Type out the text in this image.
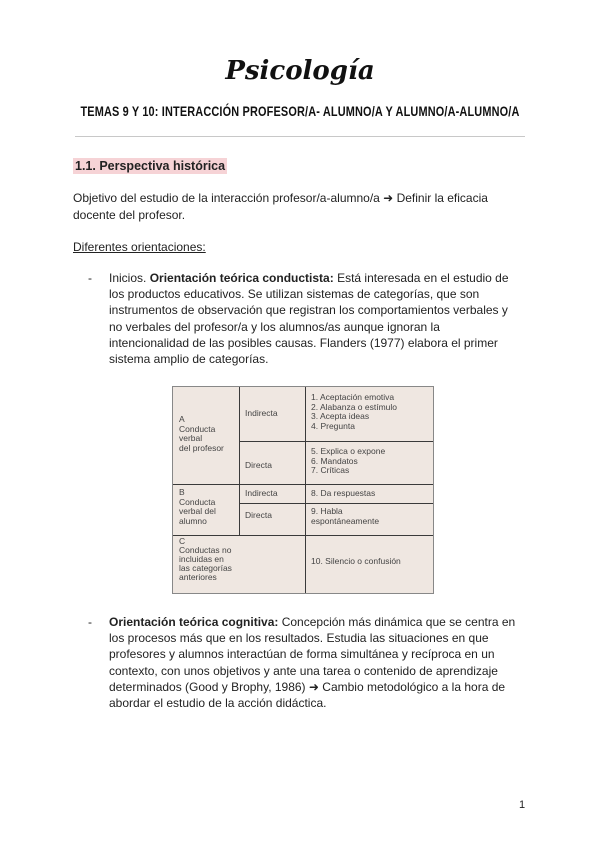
Psicología
TEMAS 9 Y 10: INTERACCIÓN PROFESOR/A- ALUMNO/A Y ALUMNO/A-ALUMNO/A
1.1. Perspectiva histórica
Objetivo del estudio de la interacción profesor/a-alumno/a ➜ Definir la eficacia docente del profesor.
Diferentes orientaciones:
- Inicios. Orientación teórica conductista: Está interesada en el estudio de los productos educativos. Se utilizan sistemas de categorías, que son instrumentos de observación que registran los comportamientos verbales y no verbales del profesor/a y los alumnos/as aunque ignoran la intencionalidad de las posibles causas. Flanders (1977) elabora el primer sistema amplio de categorías.
A
Conducta
verbal
del profesor
B
Conducta
verbal del
alumno
C
Conductas no
incluidas en
las categorías
anteriores
Indirecta
Directa
Indirecta
Directa
1. Aceptación emotiva
2. Alabanza o estímulo
3. Acepta ideas
4. Pregunta
5. Explica o expone
6. Mandatos
7. Críticas
8. Da respuestas
9. Habla
espontáneamente
10. Silencio o confusión
- Orientación teórica cognitiva: Concepción más dinámica que se centra en los procesos más que en los resultados. Estudia las situaciones en que profesores y alumnos interactúan de forma simultánea y recíproca en un contexto, con unos objetivos y ante una tarea o contenido de aprendizaje determinados (Good y Brophy, 1986) ➜ Cambio metodológico a la hora de abordar el estudio de la acción didáctica.
1
